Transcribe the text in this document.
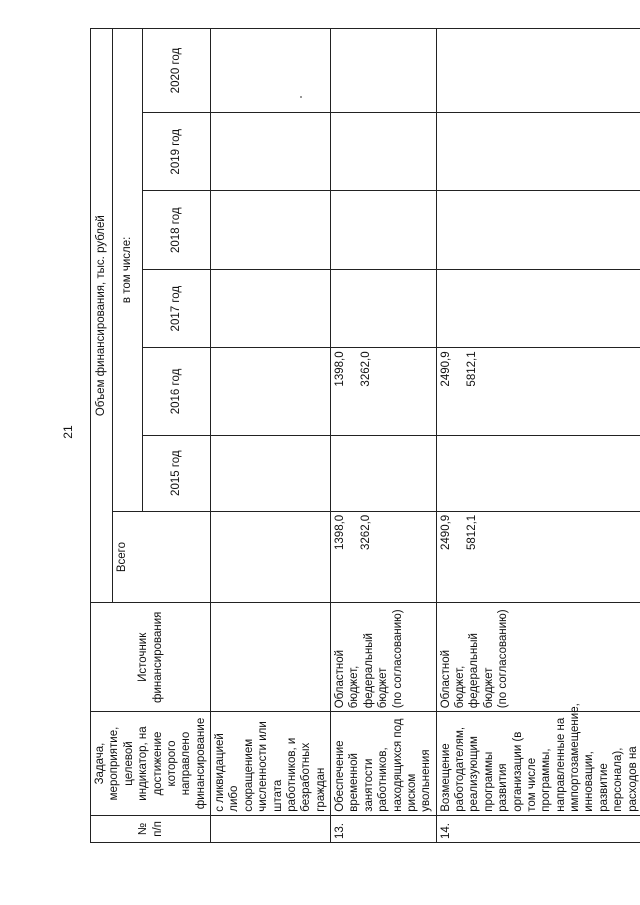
21
№ п/п	Задача, мероприятие, целевой индикатор, на достижение которого направлено финансирование	Источник финансирования	Объем финансирования, тыс. рублей						
			Всего	в том числе:					
				2015 год	2016 год	2017 год	2018 год	2019 год	2020 год
	с ликвидацией либо сокращением численности или штата работников, и безработных граждан								
13.	Обеспечение временной занятости работников, находящихся под риском увольнения	Областной бюджет, федеральный бюджет (по согласованию)	1398,0 3262,0		1398,0 3262,0				

14.	Возмещение работодателям, реализующим программы развития организации (в том числе программы, направленные на импортозамещение, инновации, развитие персонала), расходов на	Областной бюджет, федеральный бюджет (по согласованию)	2490,9 5812,1		2490,9 5812,1				
